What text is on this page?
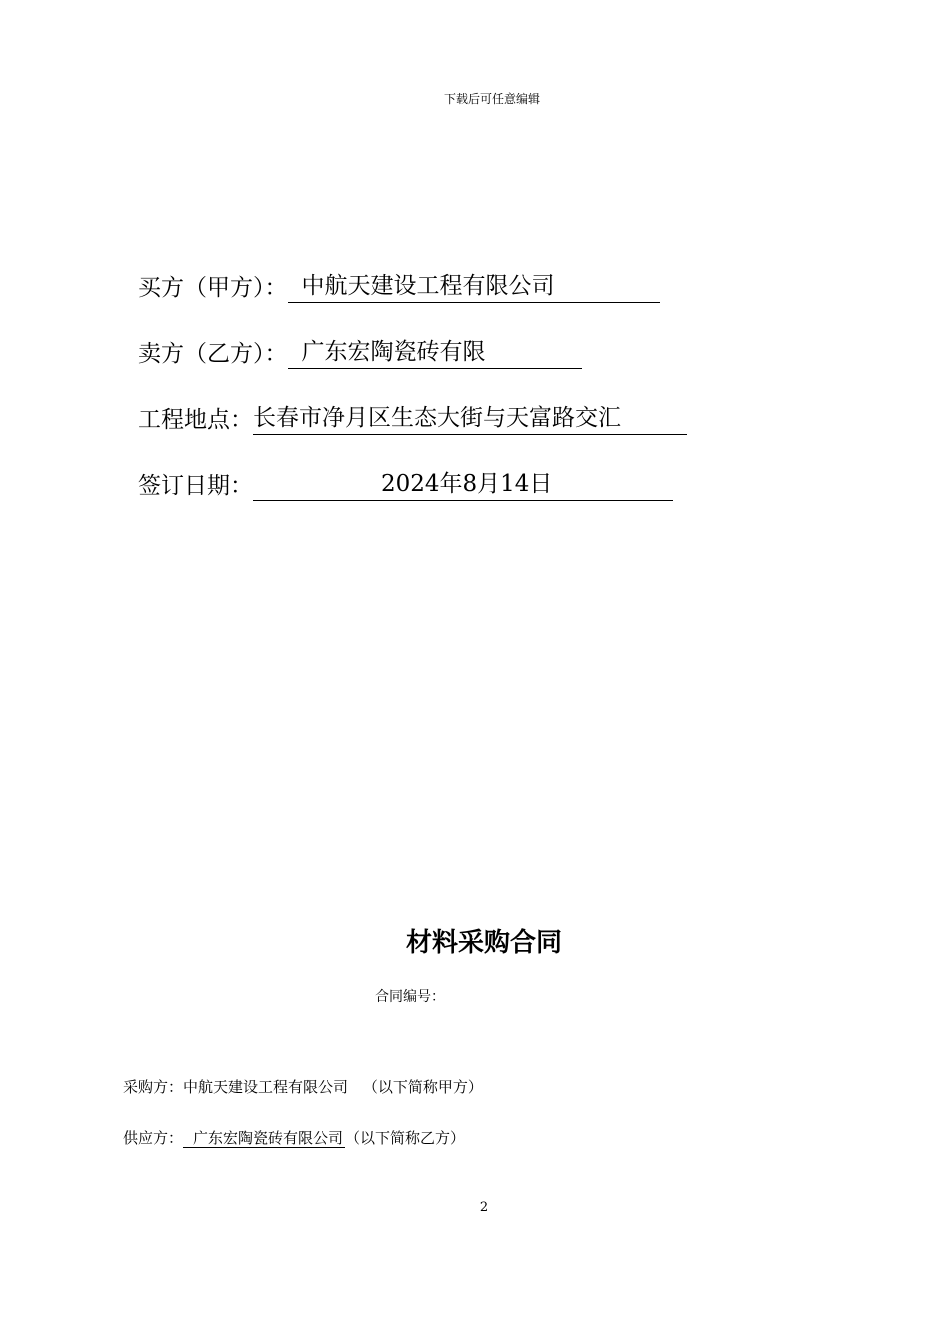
下载后可任意编辑
买方（甲方）： 中航天建设工程有限公司
卖方（乙方）： 广东宏陶瓷砖有限
工程地点：长春市净月区生态大街与天富路交汇
签订日期：	2024年8月14日
材料采购合同
合同编号：
采购方：中航天建设工程有限公司 （以下简称甲方）
供应方： 广东宏陶瓷砖有限公司 （以下简称乙方）
2
